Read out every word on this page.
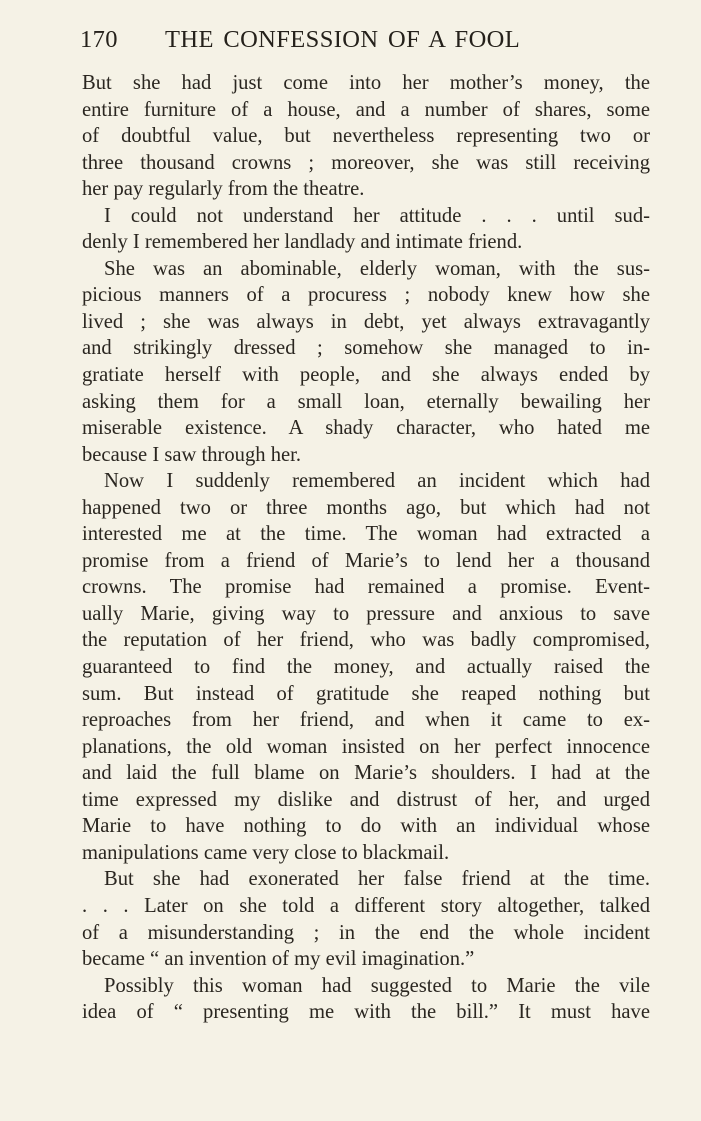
170 THE CONFESSION OF A FOOL
But she had just come into her mother’s money, the
entire furniture of a house, and a number of shares, some
of doubtful value, but nevertheless representing two or
three thousand crowns ; moreover, she was still receiving
her pay regularly from the theatre.
I could not understand her attitude . . . until sud-
denly I remembered her landlady and intimate friend.
She was an abominable, elderly woman, with the sus-
picious manners of a procuress ; nobody knew how she
lived ; she was always in debt, yet always extravagantly
and strikingly dressed ; somehow she managed to in-
gratiate herself with people, and she always ended by
asking them for a small loan, eternally bewailing her
miserable existence. A shady character, who hated me
because I saw through her.
Now I suddenly remembered an incident which had
happened two or three months ago, but which had not
interested me at the time. The woman had extracted a
promise from a friend of Marie’s to lend her a thousand
crowns. The promise had remained a promise. Event-
ually Marie, giving way to pressure and anxious to save
the reputation of her friend, who was badly compromised,
guaranteed to find the money, and actually raised the
sum. But instead of gratitude she reaped nothing but
reproaches from her friend, and when it came to ex-
planations, the old woman insisted on her perfect innocence
and laid the full blame on Marie’s shoulders. I had at the
time expressed my dislike and distrust of her, and urged
Marie to have nothing to do with an individual whose
manipulations came very close to blackmail.
But she had exonerated her false friend at the time.
. . . Later on she told a different story altogether, talked
of a misunderstanding ; in the end the whole incident
became “ an invention of my evil imagination.”
Possibly this woman had suggested to Marie the vile
idea of “ presenting me with the bill.” It must have
